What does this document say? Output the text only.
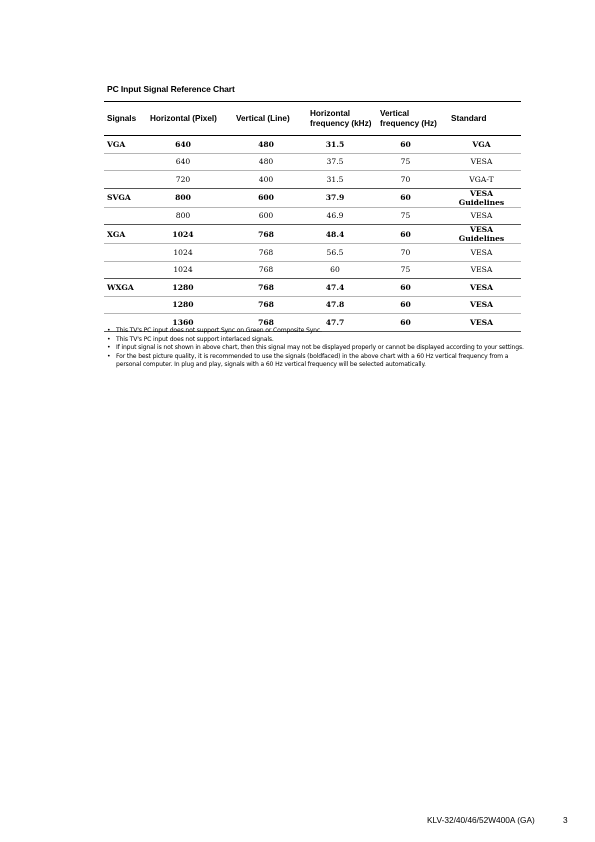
PC Input Signal Reference Chart
Signals	Horizontal (Pixel)	Vertical (Line)	Horizontal frequency (kHz)	Vertical frequency (Hz)	Standard
VGA	640	480	31.5	60	VGA
	640	480	37.5	75	VESA
	720	400	31.5	70	VGA-T
SVGA	800	600	37.9	60	VESA Guidelines
	800	600	46.9	75	VESA
XGA	1024	768	48.4	60	VESA Guidelines
	1024	768	56.5	70	VESA
	1024	768	60	75	VESA
WXGA	1280	768	47.4	60	VESA
	1280	768	47.8	60	VESA
	1360	768	47.7	60	VESA
• This TV's PC input does not support Sync on Green or Composite Sync.
• This TV's PC input does not support interlaced signals.
• If input signal is not shown in above chart, then this signal may not be displayed properly or cannot be displayed according to your settings.
• For the best picture quality, it is recommended to use the signals (boldfaced) in the above chart with a 60 Hz vertical frequency from a personal computer. In plug and play, signals with a 60 Hz vertical frequency will be selected automatically.
KLV-32/40/46/52W400A (GA)	3
